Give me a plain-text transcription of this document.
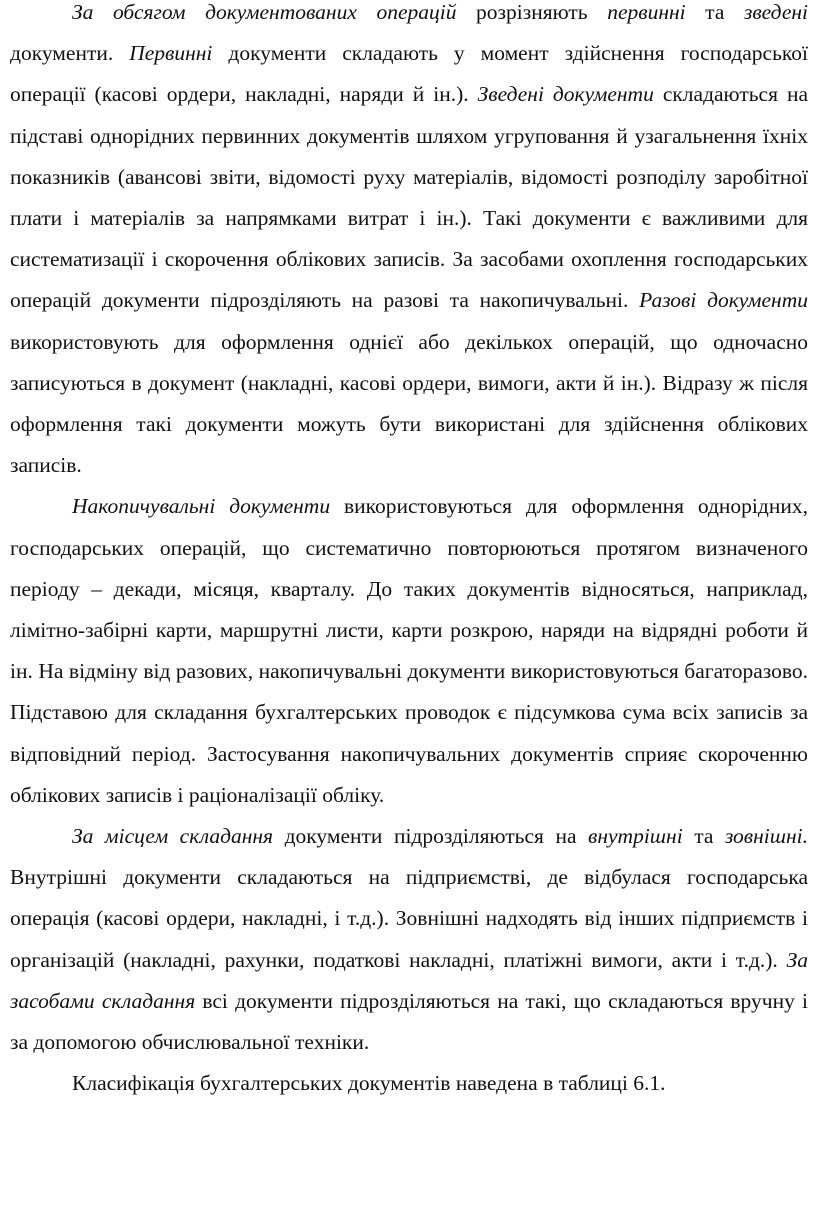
За обсягом документованих операцій розрізняють первинні та зведені документи. Первинні документи складають у момент здійснення господарської операції (касові ордери, накладні, наряди й ін.). Зведені документи складаються на підставі однорідних первинних документів шляхом угруповання й узагальнення їхніх показників (авансові звіти, відомості руху матеріалів, відомості розподілу заробітної плати і матеріалів за напрямками витрат і ін.). Такі документи є важливими для систематизації і скорочення облікових записів. За засобами охоплення господарських операцій документи підрозділяють на разові та накопичувальні. Разові документи використовують для оформлення однієї або декількох операцій, що одночасно записуються в документ (накладні, касові ордери, вимоги, акти й ін.). Відразу ж після оформлення такі документи можуть бути використані для здійснення облікових записів.

Накопичувальні документи використовуються для оформлення однорідних, господарських операцій, що систематично повторюються протягом визначеного періоду – декади, місяця, кварталу. До таких документів відносяться, наприклад, лімітно-забірні карти, маршрутні листи, карти розкрою, наряди на відрядні роботи й ін. На відміну від разових, накопичувальні документи використовуються багаторазово. Підставою для складання бухгалтерських проводок є підсумкова сума всіх записів за відповідний період. Застосування накопичувальних документів сприяє скороченню облікових записів і раціоналізації обліку.

За місцем складання документи підрозділяються на внутрішні та зовнішні. Внутрішні документи складаються на підприємстві, де відбулася господарська операція (касові ордери, накладні, і т.д.). Зовнішні надходять від інших підприємств і організацій (накладні, рахунки, податкові накладні, платіжні вимоги, акти і т.д.). За засобами складання всі документи підрозділяються на такі, що складаються вручну і за допомогою обчислювальної техніки.

Класифікація бухгалтерських документів наведена в таблиці 6.1.
